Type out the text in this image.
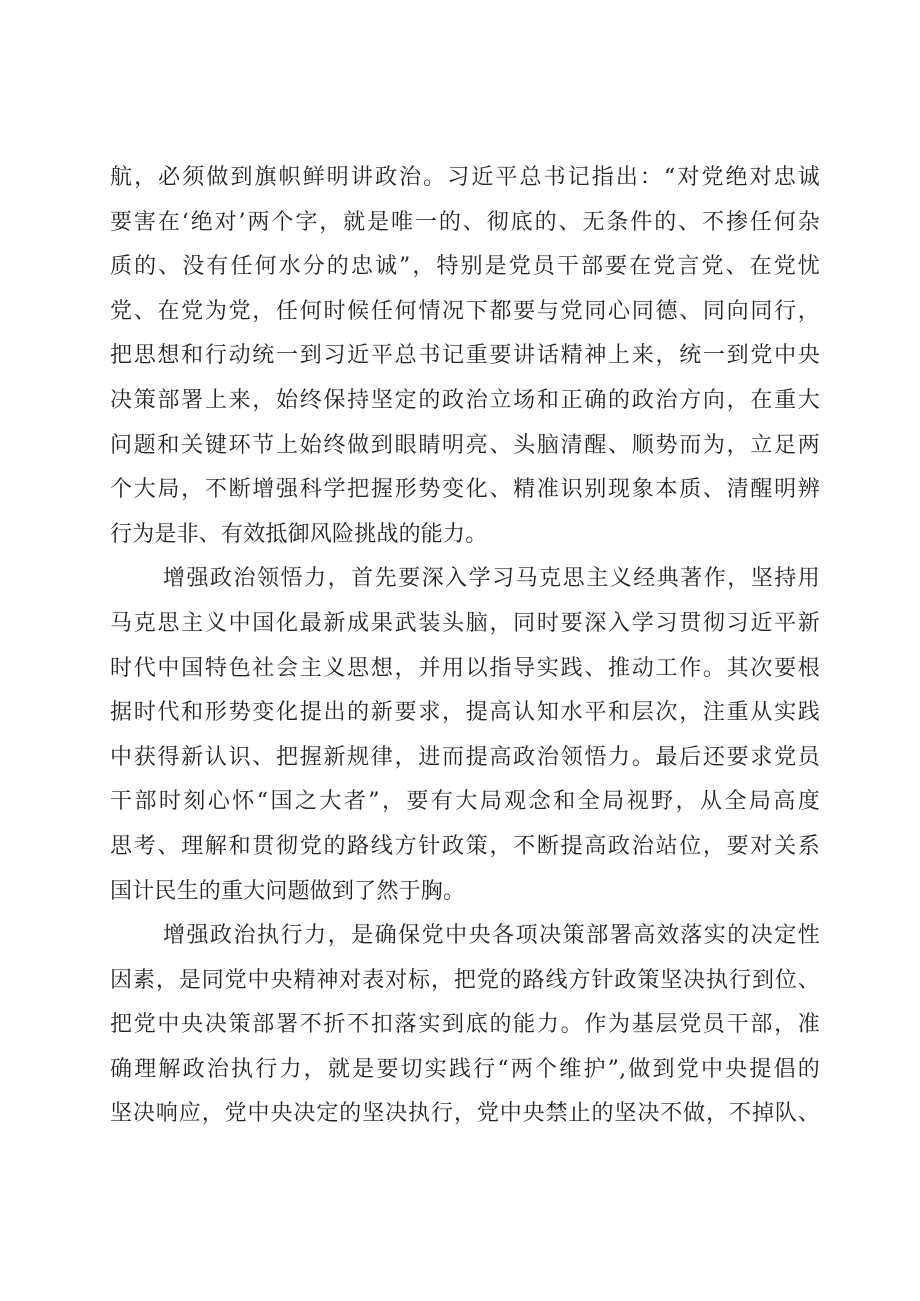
航，必须做到旗帜鲜明讲政治。习近平总书记指出：“对党绝对忠诚
要害在‘绝对’两个字，就是唯一的、彻底的、无条件的、不掺任何杂
质的、没有任何水分的忠诚”，特别是党员干部要在党言党、在党忧
党、在党为党，任何时候任何情况下都要与党同心同德、同向同行，
把思想和行动统一到习近平总书记重要讲话精神上来，统一到党中央
决策部署上来，始终保持坚定的政治立场和正确的政治方向，在重大
问题和关键环节上始终做到眼睛明亮、头脑清醒、顺势而为，立足两
个大局，不断增强科学把握形势变化、精准识别现象本质、清醒明辨
行为是非、有效抵御风险挑战的能力。
增强政治领悟力，首先要深入学习马克思主义经典著作，坚持用
马克思主义中国化最新成果武装头脑，同时要深入学习贯彻习近平新
时代中国特色社会主义思想，并用以指导实践、推动工作。其次要根
据时代和形势变化提出的新要求，提高认知水平和层次，注重从实践
中获得新认识、把握新规律，进而提高政治领悟力。最后还要求党员
干部时刻心怀“国之大者”，要有大局观念和全局视野，从全局高度
思考、理解和贯彻党的路线方针政策，不断提高政治站位，要对关系
国计民生的重大问题做到了然于胸。
增强政治执行力，是确保党中央各项决策部署高效落实的决定性
因素，是同党中央精神对表对标，把党的路线方针政策坚决执行到位、
把党中央决策部署不折不扣落实到底的能力。作为基层党员干部，准
确理解政治执行力，就是要切实践行“两个维护”,做到党中央提倡的
坚决响应，党中央决定的坚决执行，党中央禁止的坚决不做，不掉队、
